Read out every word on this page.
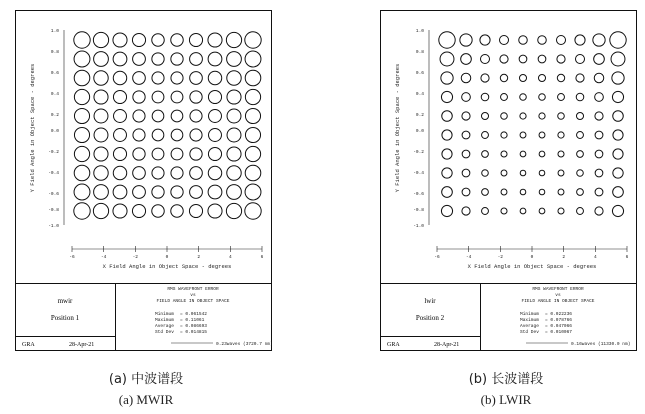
1.0
0.8
0.6
0.4
0.2
0.0
-0.2
-0.4
-0.6
-0.8
-1.0
Y Field Angle in Object Space - degrees
-6	-4	-2	0	2	4	6
X Field Angle in Object Space - degrees
mwir
Position 1
GRA	28-Apr-21
RMS WAVEFRONT ERROR
vs
FIELD ANGLE IN OBJECT SPACE
Minimum = 0.061542
Maximum = 0.11061
Average = 0.086693
Std Dev = 0.014815
0.23waves (3720.7 nm)
1.0
0.8
0.6
0.4
0.2
0.0
-0.2
-0.4
-0.6
-0.8
-1.0
Y Field Angle in Object Space - degrees
-6	-4	-2	0	2	4	6
X Field Angle in Object Space - degrees
lwir
Position 2
GRA	28-Apr-21
RMS WAVEFRONT ERROR
vs
FIELD ANGLE IN OBJECT SPACE
Minimum = 0.022236
Maximum = 0.078766
Average = 0.047066
Std Dev = 0.010067
0.16waves (11330.0 nm)
(a) 中波谱段
(a) MWIR
(b) 长波谱段
(b) LWIR
